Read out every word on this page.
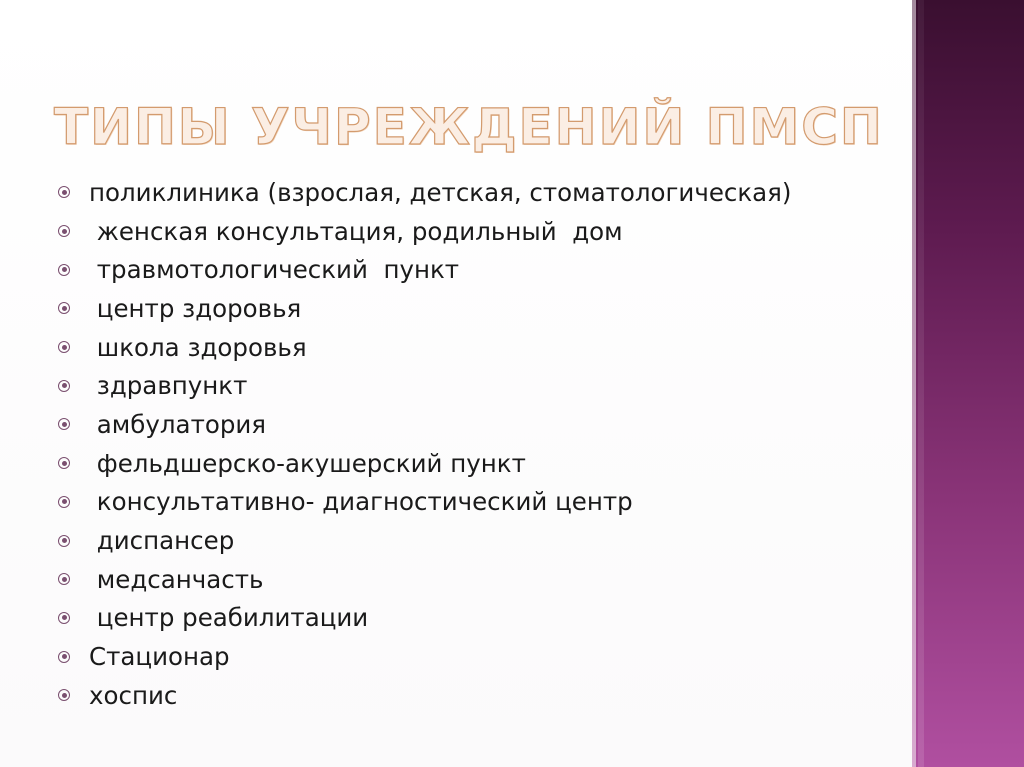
ТИПЫ УЧРЕЖДЕНИЙ ПМСП
поликлиника (взрослая, детская, стоматологическая)
женская консультация, родильный  дом
травмотологический  пункт
центр здоровья
школа здоровья
здравпункт
амбулатория
фельдшерско-акушерский пункт
консультативно- диагностический центр
диспансер
медсанчасть
центр реабилитации
Стационар
хоспис
